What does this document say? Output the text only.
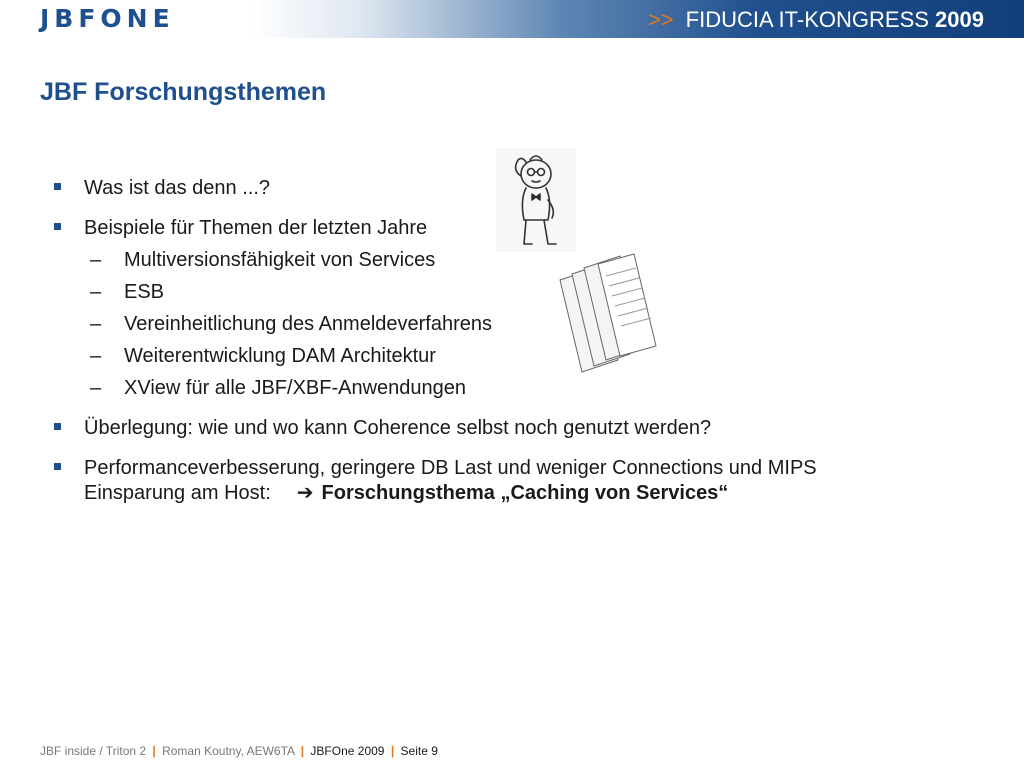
JBFONE	>> FIDUCIA IT-KONGRESS 2009
JBF Forschungsthemen
Was ist das denn ...?
Beispiele für Themen der letzten Jahre
– Multiversionsfähigkeit von Services
– ESB
– Vereinheitlichung des Anmeldeverfahrens
– Weiterentwicklung DAM Architektur
– XView für alle JBF/XBF-Anwendungen
Überlegung: wie und wo kann Coherence selbst noch genutzt werden?
Performanceverbesserung, geringere DB Last und weniger Connections und MIPS
Einsparung am Host: ➔ Forschungsthema „Caching von Services“
JBF inside / Triton 2 | Roman Koutny, AEW6TA | JBFOne 2009 | Seite 9
